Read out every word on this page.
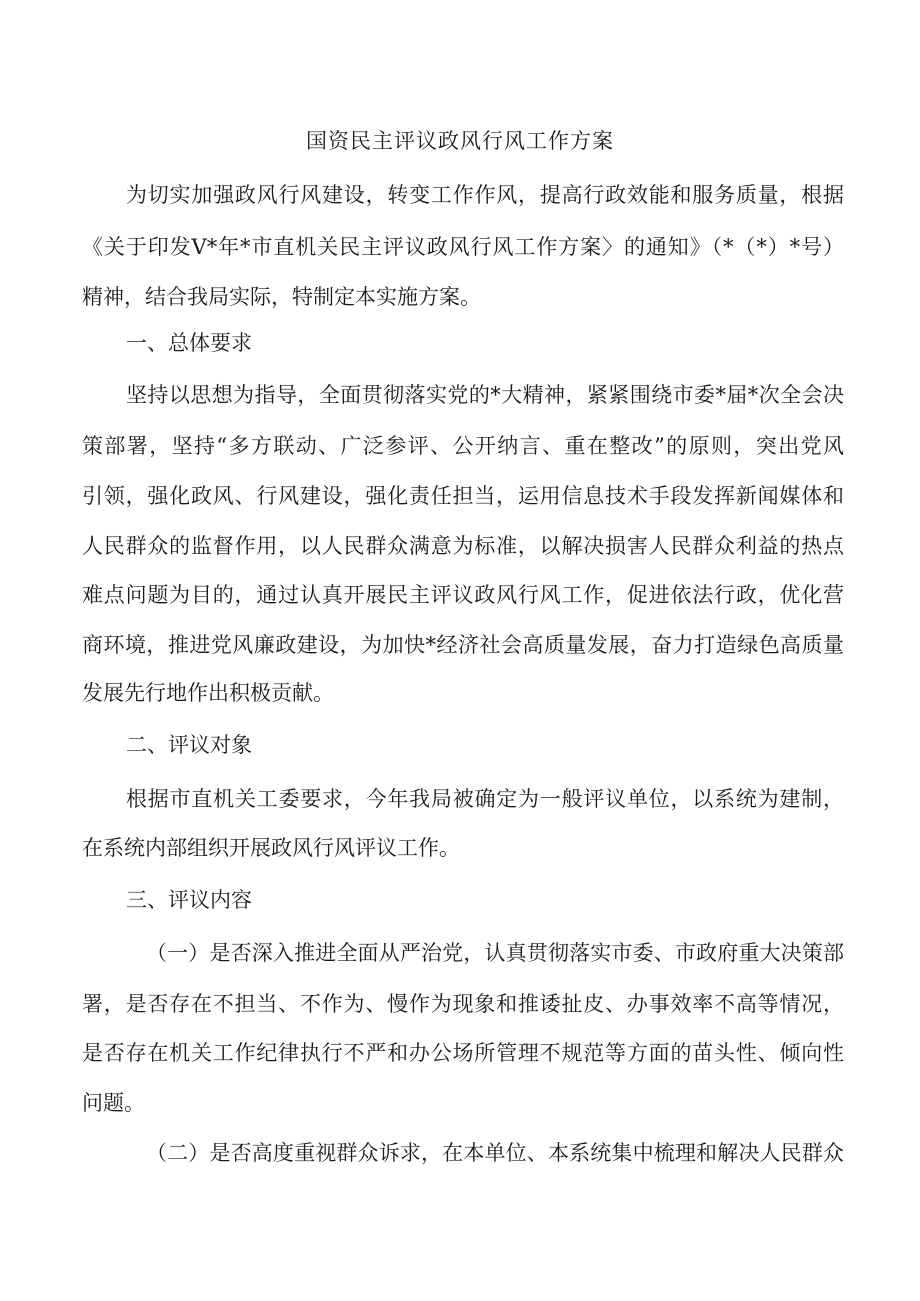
国资民主评议政风行风工作方案
为切实加强政风行风建设，转变工作作风，提高行政效能和服务质量，根据
《关于印发V*年*市直机关民主评议政风行风工作方案〉的通知》（*（*）*号）
精神，结合我局实际，特制定本实施方案。
一、总体要求
坚持以思想为指导，全面贯彻落实党的*大精神，紧紧围绕市委*届*次全会决
策部署，坚持“多方联动、广泛参评、公开纳言、重在整改”的原则，突出党风
引领，强化政风、行风建设，强化责任担当，运用信息技术手段发挥新闻媒体和
人民群众的监督作用，以人民群众满意为标准，以解决损害人民群众利益的热点
难点问题为目的，通过认真开展民主评议政风行风工作，促进依法行政，优化营
商环境，推进党风廉政建设，为加快*经济社会高质量发展，奋力打造绿色高质量
发展先行地作出积极贡献。
二、评议对象
根据市直机关工委要求，今年我局被确定为一般评议单位，以系统为建制，
在系统内部组织开展政风行风评议工作。
三、评议内容
（一）是否深入推进全面从严治党，认真贯彻落实市委、市政府重大决策部
署，是否存在不担当、不作为、慢作为现象和推诿扯皮、办事效率不高等情况，
是否存在机关工作纪律执行不严和办公场所管理不规范等方面的苗头性、倾向性
问题。
（二）是否高度重视群众诉求，在本单位、本系统集中梳理和解决人民群众
